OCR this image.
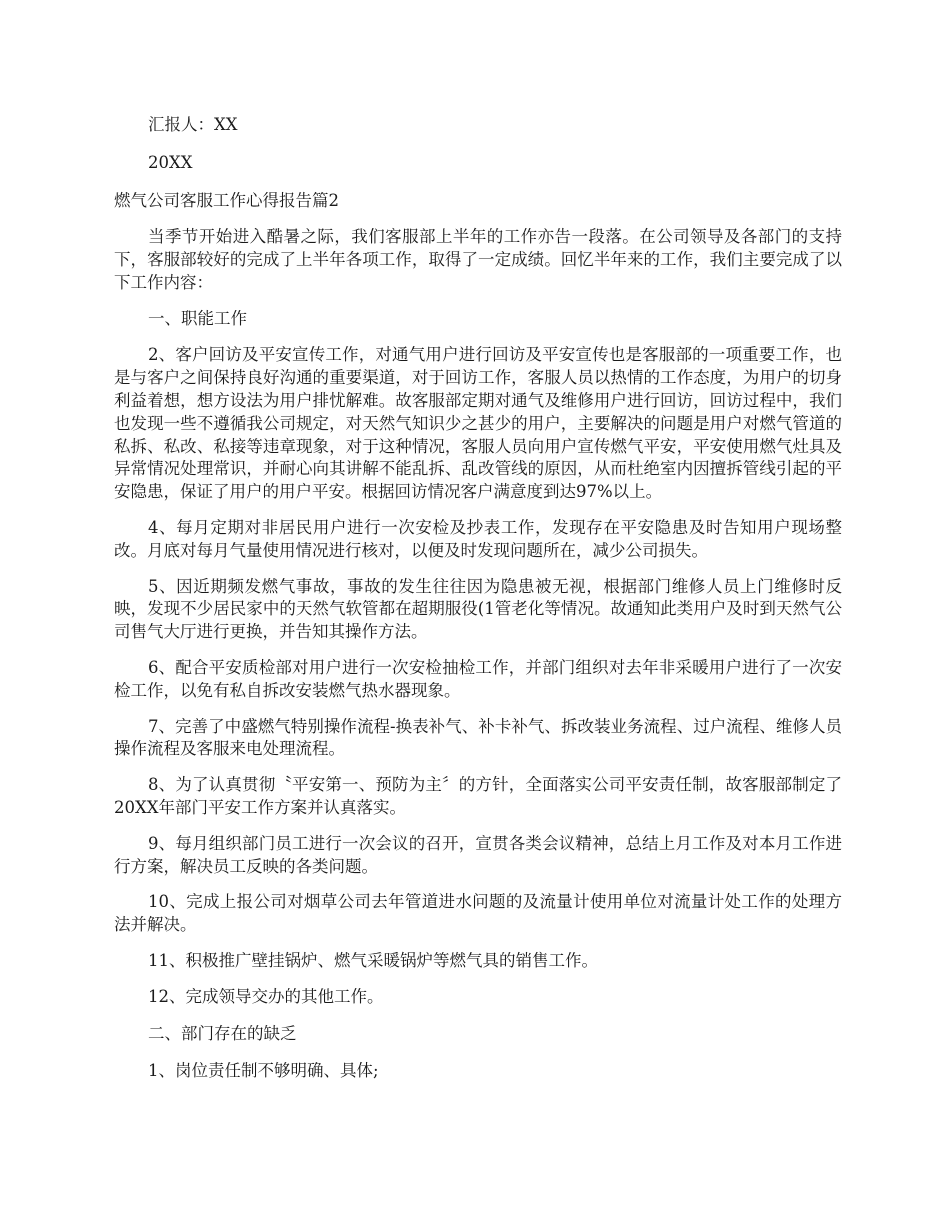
汇报人：XX

20XX

燃气公司客服工作心得报告篇2

当季节开始进入酷暑之际，我们客服部上半年的工作亦告一段落。在公司领导及各部门的支持下，客服部较好的完成了上半年各项工作，取得了一定成绩。回忆半年来的工作，我们主要完成了以下工作内容：

一、职能工作

2、客户回访及平安宣传工作，对通气用户进行回访及平安宣传也是客服部的一项重要工作，也是与客户之间保持良好沟通的重要渠道，对于回访工作，客服人员以热情的工作态度，为用户的切身利益着想，想方设法为用户排忧解难。故客服部定期对通气及维修用户进行回访，回访过程中，我们也发现一些不遵循我公司规定，对天然气知识少之甚少的用户，主要解决的问题是用户对燃气管道的私拆、私改、私接等违章现象，对于这种情况，客服人员向用户宣传燃气平安，平安使用燃气灶具及异常情况处理常识，并耐心向其讲解不能乱拆、乱改管线的原因，从而杜绝室内因擅拆管线引起的平安隐患，保证了用户的用户平安。根据回访情况客户满意度到达97%以上。

4、每月定期对非居民用户进行一次安检及抄表工作，发现存在平安隐患及时告知用户现场整改。月底对每月气量使用情况进行核对，以便及时发现问题所在，减少公司损失。

5、因近期频发燃气事故，事故的发生往往因为隐患被无视，根据部门维修人员上门维修时反映，发现不少居民家中的天然气软管都在超期服役(1管老化等情况。故通知此类用户及时到天然气公司售气大厅进行更换，并告知其操作方法。

6、配合平安质检部对用户进行一次安检抽检工作，并部门组织对去年非采暖用户进行了一次安检工作，以免有私自拆改安装燃气热水器现象。

7、完善了中盛燃气特别操作流程-换表补气、补卡补气、拆改装业务流程、过户流程、维修人员操作流程及客服来电处理流程。

8、为了认真贯彻〝平安第一、预防为主〞的方针，全面落实公司平安责任制，故客服部制定了20XX年部门平安工作方案并认真落实。

9、每月组织部门员工进行一次会议的召开，宣贯各类会议精神，总结上月工作及对本月工作进行方案，解决员工反映的各类问题。

10、完成上报公司对烟草公司去年管道进水问题的及流量计使用单位对流量计处工作的处理方法并解决。

11、积极推广壁挂锅炉、燃气采暖锅炉等燃气具的销售工作。

12、完成领导交办的其他工作。

二、部门存在的缺乏

1、岗位责任制不够明确、具体;
